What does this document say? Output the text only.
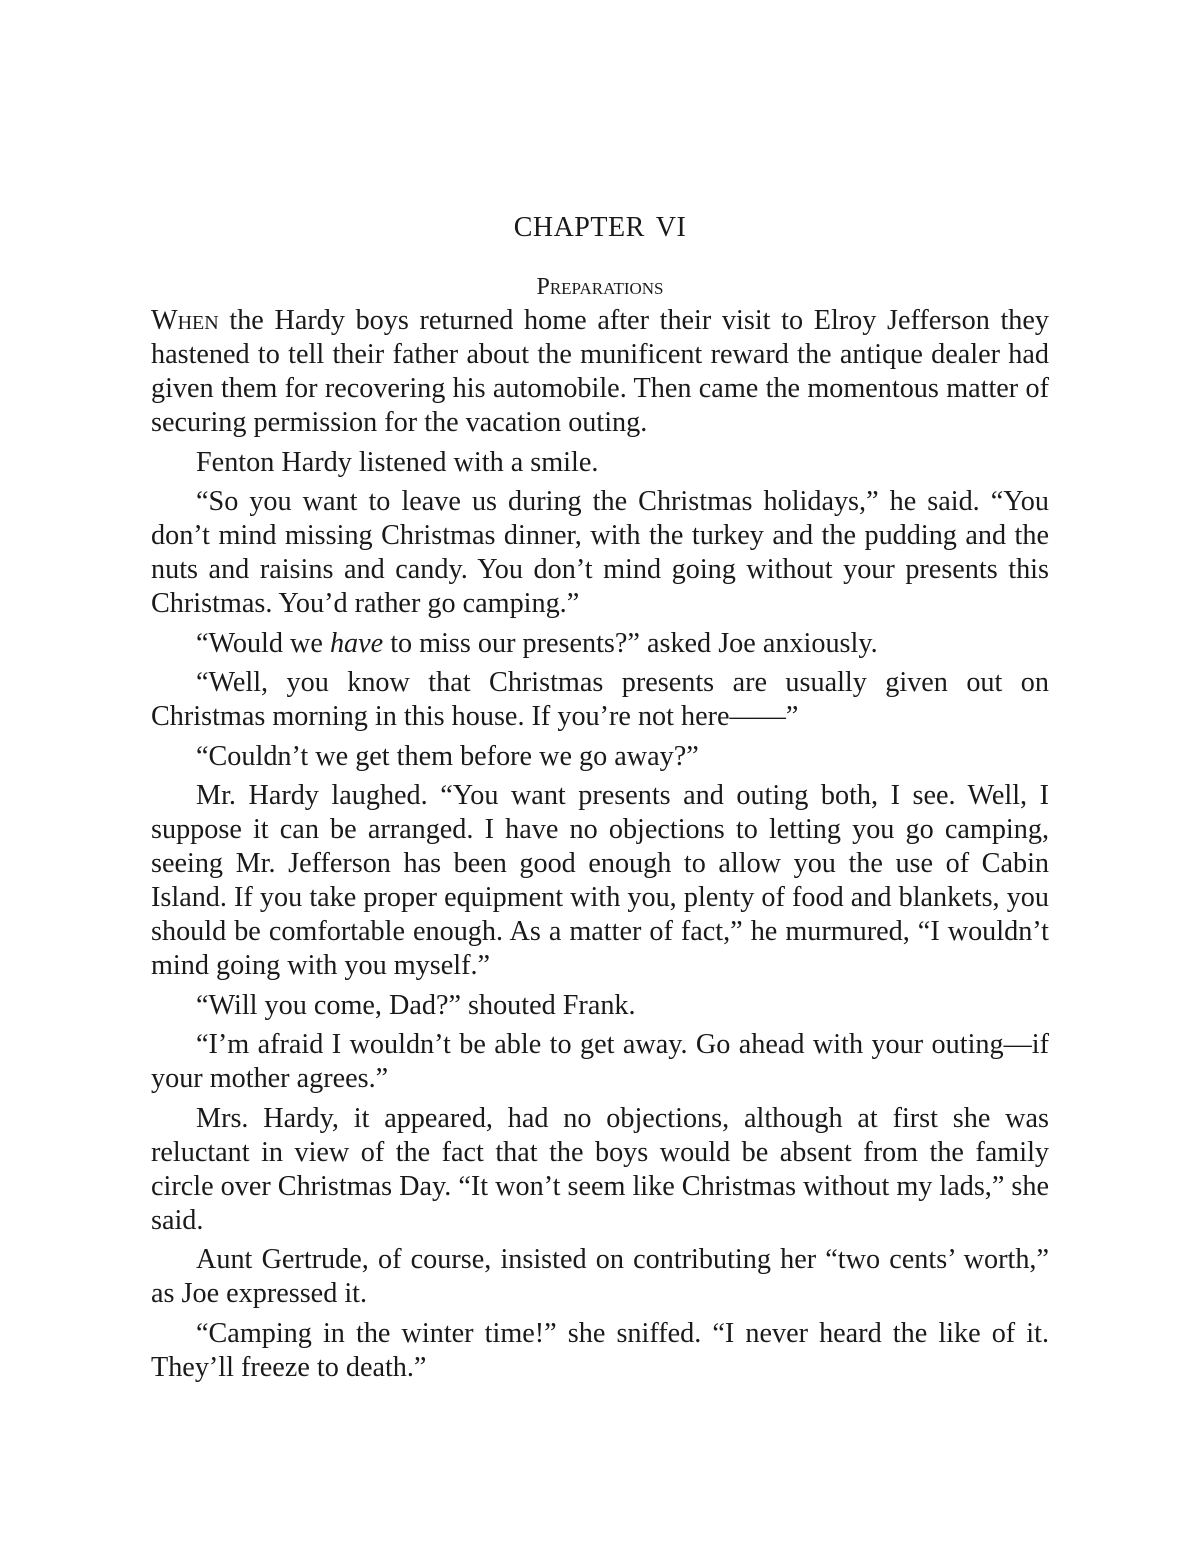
CHAPTER VI
Preparations

When the Hardy boys returned home after their visit to Elroy Jefferson they hastened to tell their father about the munificent reward the antique dealer had given them for recovering his automobile. Then came the momentous matter of securing permission for the vacation outing.

Fenton Hardy listened with a smile.

“So you want to leave us during the Christmas holidays,” he said. “You don’t mind missing Christmas dinner, with the turkey and the pudding and the nuts and raisins and candy. You don’t mind going without your presents this Christmas. You’d rather go camping.”

“Would we have to miss our presents?” asked Joe anxiously.

“Well, you know that Christmas presents are usually given out on Christmas morning in this house. If you’re not here——”

“Couldn’t we get them before we go away?”

Mr. Hardy laughed. “You want presents and outing both, I see. Well, I suppose it can be arranged. I have no objections to letting you go camping, seeing Mr. Jefferson has been good enough to allow you the use of Cabin Island. If you take proper equipment with you, plenty of food and blankets, you should be comfortable enough. As a matter of fact,” he murmured, “I wouldn’t mind going with you myself.”

“Will you come, Dad?” shouted Frank.

“I’m afraid I wouldn’t be able to get away. Go ahead with your outing—if your mother agrees.”

Mrs. Hardy, it appeared, had no objections, although at first she was reluctant in view of the fact that the boys would be absent from the family circle over Christmas Day. “It won’t seem like Christmas without my lads,” she said.

Aunt Gertrude, of course, insisted on contributing her “two cents’ worth,” as Joe expressed it.

“Camping in the winter time!” she sniffed. “I never heard the like of it. They’ll freeze to death.”
